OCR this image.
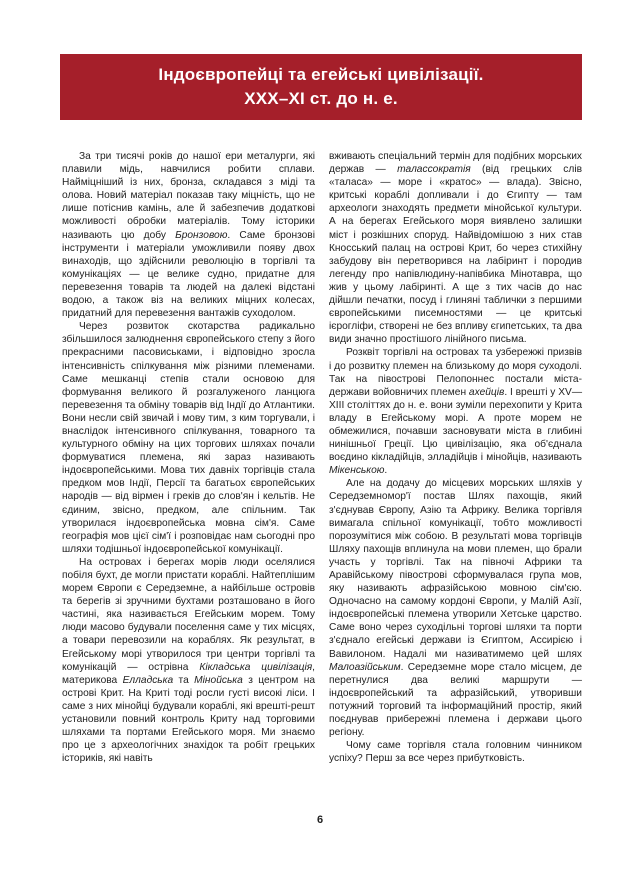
Індоєвропейці та егейські цивілізації.
XXX–XI ст. до н. е.

За три тисячі років до нашої ери металурги, які плавили мідь, навчилися робити сплави. Найміцніший із них, бронза, складався з міді та олова. Новий матеріал показав таку міцність, що не лише потіснив камінь, але й забезпечив додаткові можливості обробки матеріалів. Тому історики називають цю добу Бронзовою. Саме бронзові інструменти і матеріали уможливили появу двох винаходів, що здійснили революцію в торгівлі та комунікаціях — це велике судно, придатне для перевезення товарів та людей на далекі відстані водою, а також віз на великих міцних колесах, придатний для перевезення вантажів суходолом.

Через розвиток скотарства радикально збільшилося залюднення європейського степу з його прекрасними пасовиськами, і відповідно зросла інтенсивність спілкування між різними племенами. Саме мешканці степів стали основою для формування великого й розгалуженого ланцюга перевезення та обміну товарів від Індії до Атлантики. Вони несли свій звичай і мову тим, з ким торгували, і внаслідок інтенсивного спілкування, товарного та культурного обміну на цих торгових шляхах почали формуватися племена, які зараз називають індоєвропейськими. Мова тих давніх торгівців стала предком мов Індії, Персії та багатьох європейських народів — від вірмен і греків до слов'ян і кельтів. Не єдиним, звісно, предком, але спільним. Так утворилася індоєвропейська мовна сім'я. Саме географія мов цієї сім'ї і розповідає нам сьогодні про шляхи тодішньої індоєвропейської комунікації.

На островах і берегах морів люди оселялися побіля бухт, де могли пристати кораблі. Найтеплішим морем Європи є Середземне, а найбільше островів та берегів зі зручними бухтами розташовано в його частині, яка називається Егейським морем. Тому люди масово будували поселення саме у тих місцях, а товари перевозили на кораблях. Як результат, в Егейському морі утворилося три центри торгівлі та комунікацій — острівна Кікладська цивілізація, материкова Елладська та Мінойська з центром на острові Крит. На Криті тоді росли густі високі ліси. І саме з них мінойці будували кораблі, які врешті-решт установили повний контроль Криту над торговими шляхами та портами Егейського моря. Ми знаємо про це з археологічних знахідок та робіт грецьких істориків, які навіть

вживають спеціальний термін для подібних морських держав — талассократія (від грецьких слів «таласа» — море і «кратос» — влада). Звісно, критські кораблі допливали і до Єгипту — там археологи знаходять предмети мінойської культури. А на берегах Егейського моря виявлено залишки міст і розкішних споруд. Найвідомішою з них став Кносський палац на острові Крит, бо через стихійну забудову він перетворився на лабіринт і породив легенду про напівлюдину-напівбика Мінотавра, що жив у цьому лабіринті. А ще з тих часів до нас дійшли печатки, посуд і глиняні таблички з першими європейськими писемностями — це критські ієрогліфи, створені не без впливу єгипетських, та два види значно простішого лінійного письма.

Розквіт торгівлі на островах та узбережжі призвів і до розвитку племен на близькому до моря суходолі. Так на півострові Пелопоннес постали міста-держави войовничих племен ахейців. І врешті у XV—XIII століттях до н. е. вони зуміли перехопити у Крита владу в Егейському морі. А проте морем не обмежилися, почавши засновувати міста в глибині нинішньої Греції. Цю цивілізацію, яка об'єднала воєдино кікладійців, элладійців і мінойців, називають Мікенською.

Але на додачу до місцевих морських шляхів у Середземномор'ї постав Шлях пахощів, який з'єднував Європу, Азію та Африку. Велика торгівля вимагала спільної комунікації, тобто можливості порозумітися між собою. В результаті мова торгівців Шляху пахощів вплинула на мови племен, що брали участь у торгівлі. Так на півночі Африки та Аравійському півострові сформувалася група мов, яку називають афразійською мовною сім'єю. Одночасно на самому кордоні Європи, у Малій Азії, індоєвропейські племена утворили Хетське царство. Саме воно через суходільні торгові шляхи та порти з'єднало егейські держави із Єгиптом, Ассирією і Вавилоном. Надалі ми називатимемо цей шлях Малоазійським. Середземне море стало місцем, де перетнулися два великі маршрути — індоєвропейський та афразійський, утворивши потужний торговий та інформаційний простір, який поєднував прибережні племена і держави цього регіону.

Чому саме торгівля стала головним чинником успіху? Перш за все через прибутковість.

6
